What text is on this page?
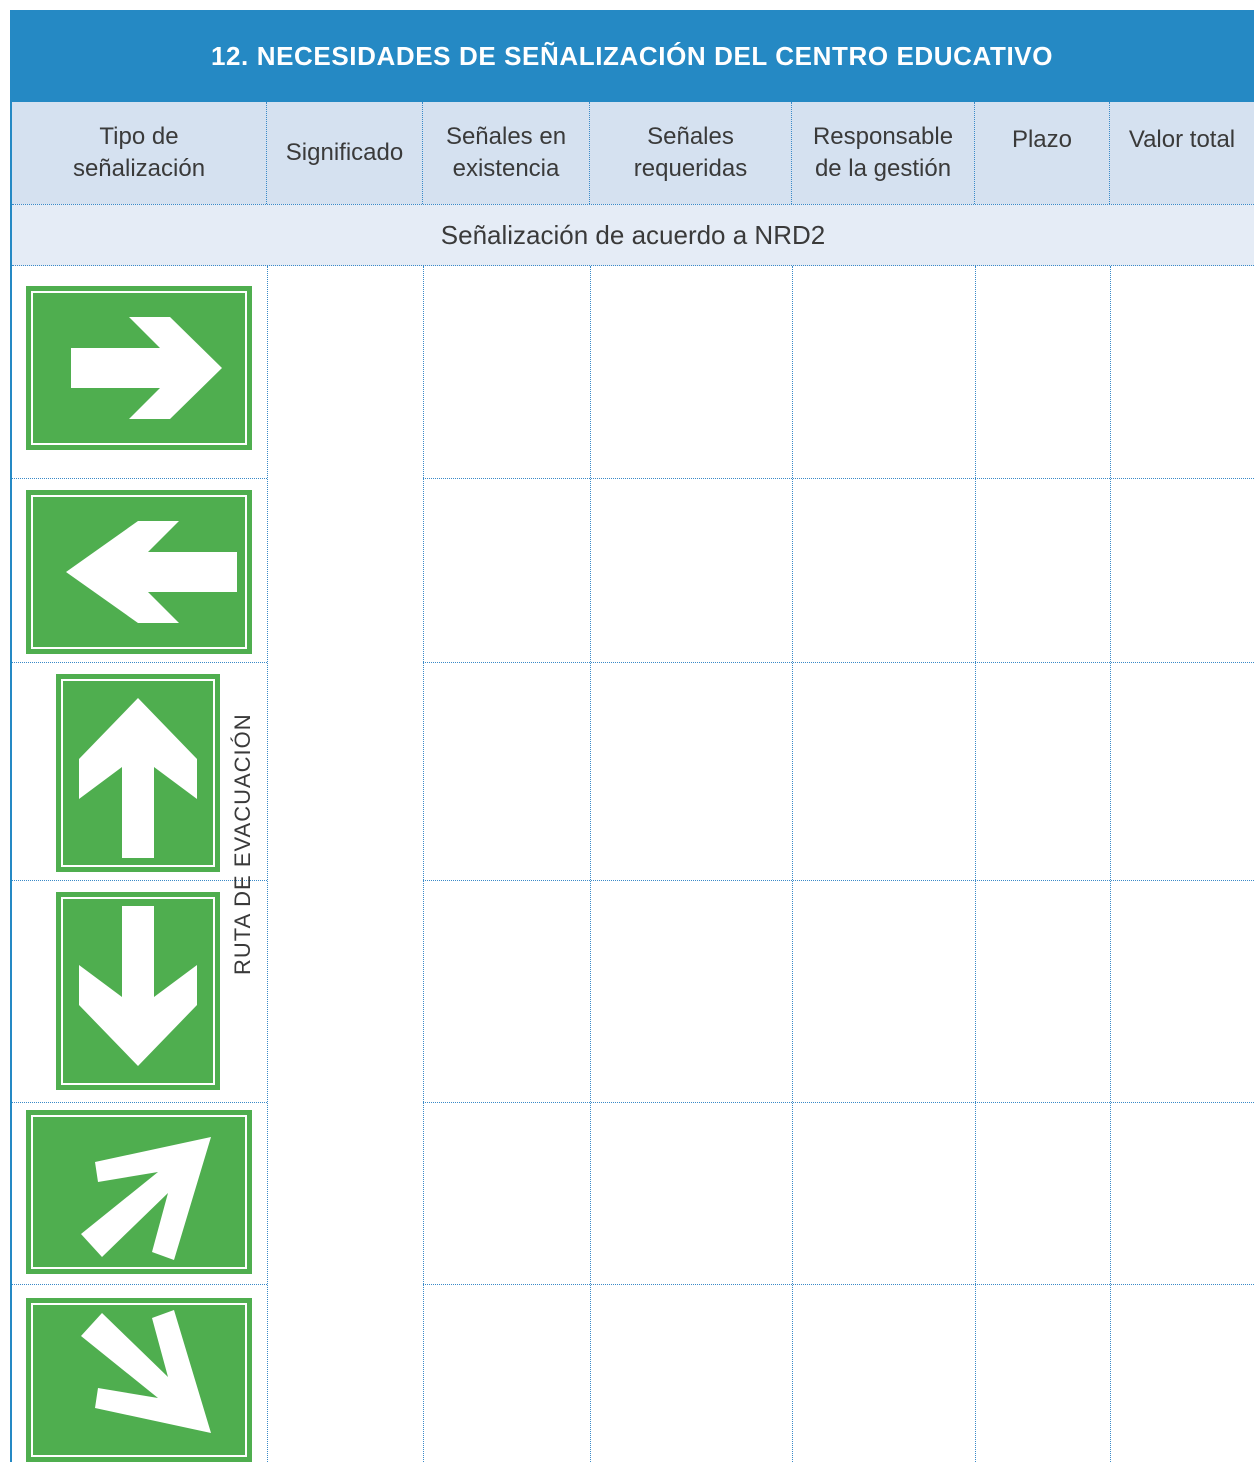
12. NECESIDADES DE SEÑALIZACIÓN DEL CENTRO EDUCATIVO
Tipo de
señalización
Significado
Señales en
existencia
Señales
requeridas
Responsable
de la gestión
Plazo Valor total
Señalización de acuerdo a NRD2
RUTA DE EVACUACIÓN
